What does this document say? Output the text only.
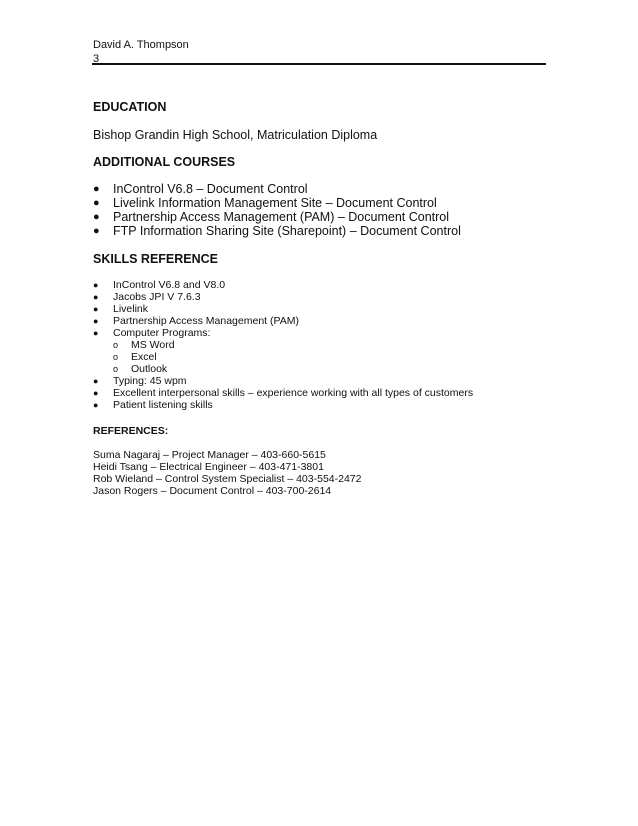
David A. Thompson
3
EDUCATION

Bishop Grandin High School, Matriculation Diploma

ADDITIONAL COURSES
● InControl V6.8 – Document Control
● Livelink Information Management Site – Document Control
● Partnership Access Management (PAM) – Document Control
● FTP Information Sharing Site (Sharepoint) – Document Control
SKILLS REFERENCE
● InControl V6.8 and V8.0
● Jacobs JPI V 7.6.3
● Livelink
● Partnership Access Management (PAM)
● Computer Programs:
o MS Word
o Excel
o Outlook
● Typing: 45 wpm
● Excellent interpersonal skills – experience working with all types of customers
● Patient listening skills
REFERENCES:

Suma Nagaraj – Project Manager – 403-660-5615

Heidi Tsang – Electrical Engineer – 403-471-3801

Rob Wieland – Control System Specialist – 403-554-2472

Jason Rogers – Document Control – 403-700-2614
